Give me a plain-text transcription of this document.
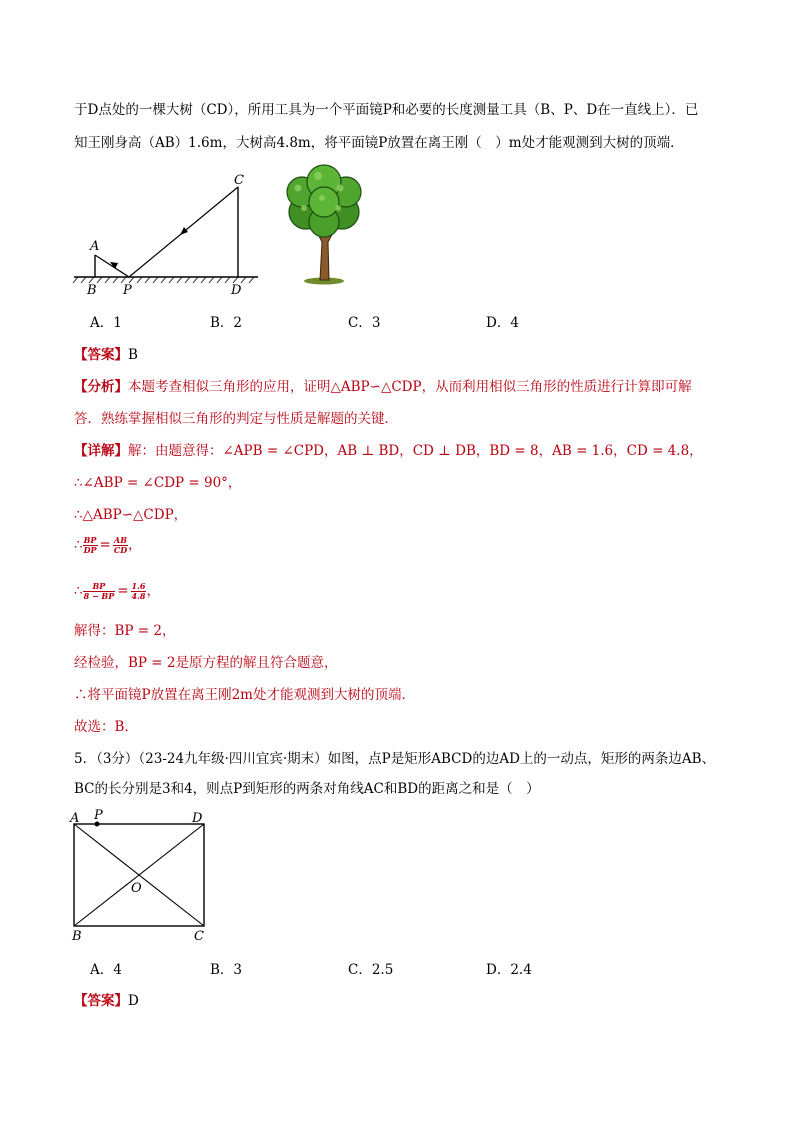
于D点处的一棵大树（CD），所用工具为一个平面镜P和必要的长度测量工具（B、P、D在一直线上）．已
知王刚身高（AB）1.6m，大树高4.8m，将平面镜P放置在离王刚（　）m处才能观测到大树的顶端．
A
B
C
D
P
A．1	B．2	C．3	D．4
【答案】B
【分析】本题考查相似三角形的应用，证明△ABP∽△CDP，从而利用相似三角形的性质进行计算即可解
答．熟练掌握相似三角形的判定与性质是解题的关键．
【详解】解：由题意得：∠APB = ∠CPD，AB ⊥ BD，CD ⊥ DB，BD = 8，AB = 1.6，CD = 4.8，
∴∠ABP = ∠CDP = 90°，
∴△ABP∽△CDP，
∴ $\frac{BP}{DP} = \frac{AB}{CD}$ ，
∴ $\frac{BP}{8 - BP} = \frac{1.6}{4.8}$ ，
解得：BP = 2，
经检验，BP = 2是原方程的解且符合题意，
∴将平面镜P放置在离王刚2m处才能观测到大树的顶端．
故选：B．
5．（3分）（23-24九年级·四川宜宾·期末）如图，点P是矩形ABCD的边AD上的一动点，矩形的两条边AB、
BC的长分别是3和4，则点P到矩形的两条对角线AC和BD的距离之和是（　）
A P	D
O
B	C
A．4	B．3	C．2.5	D．2.4
【答案】D
